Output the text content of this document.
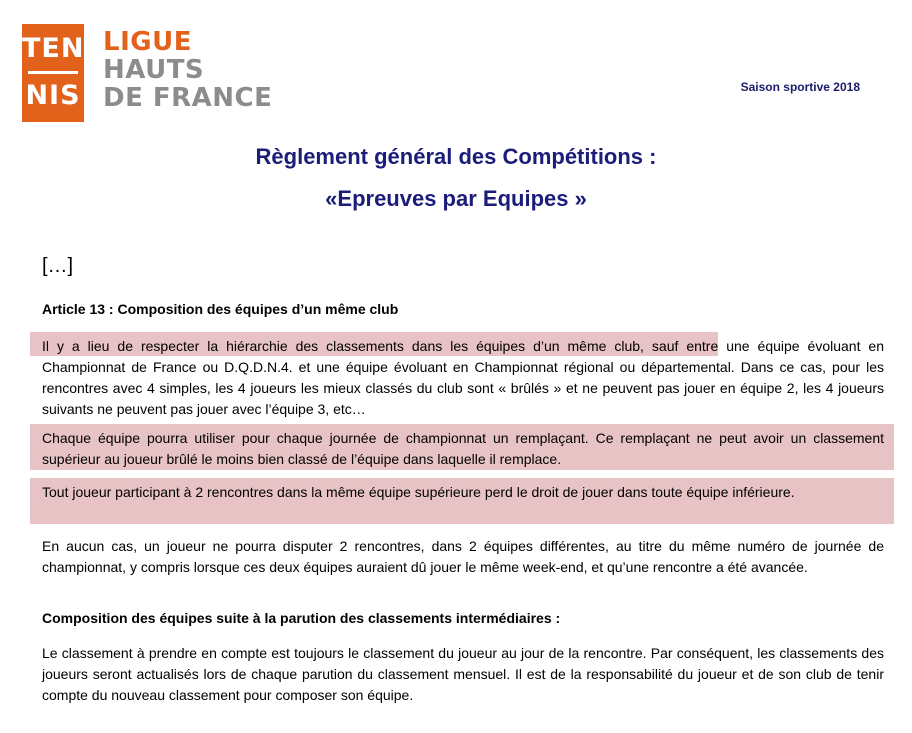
TEN
NIS
LIGUE
HAUTS
DE FRANCE	Saison sportive 2018
Règlement général des Compétitions :
«Epreuves par Equipes »
[…]
Article 13 : Composition des équipes d’un même club
Il y a lieu de respecter la hiérarchie des classements dans les équipes d’un même club, sauf entre une équipe évoluant en Championnat de France ou D.Q.D.N.4. et une équipe évoluant en Championnat régional ou départemental. Dans ce cas, pour les rencontres avec 4 simples, les 4 joueurs les mieux classés du club sont « brûlés » et ne peuvent pas jouer en équipe 2, les 4 joueurs suivants ne peuvent pas jouer avec l’équipe 3, etc…
Chaque équipe pourra utiliser pour chaque journée de championnat un remplaçant. Ce remplaçant ne peut avoir un classement supérieur au joueur brûlé le moins bien classé de l’équipe dans laquelle il remplace.
Tout joueur participant à 2 rencontres dans la même équipe supérieure perd le droit de jouer dans toute équipe inférieure.
En aucun cas, un joueur ne pourra disputer 2 rencontres, dans 2 équipes différentes, au titre du même numéro de journée de championnat, y compris lorsque ces deux équipes auraient dû jouer le même week-end, et qu’une rencontre a été avancée.
Composition des équipes suite à la parution des classements intermédiaires :
Le classement à prendre en compte est toujours le classement du joueur au jour de la rencontre. Par conséquent, les classements des joueurs seront actualisés lors de chaque parution du classement mensuel. Il est de la responsabilité du joueur et de son club de tenir compte du nouveau classement pour composer son équipe.
